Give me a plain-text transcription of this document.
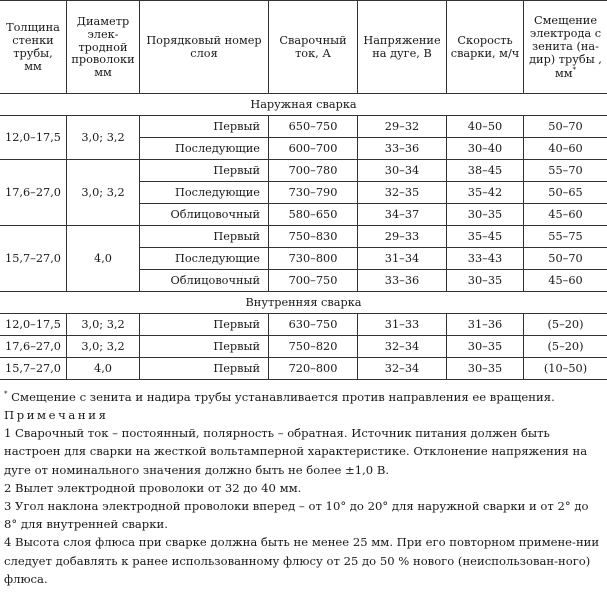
Толщина стенки трубы, мм	Диаметр элек-тродной проволоки мм	Порядковый номер слоя	Сварочный ток, А	Напряжение на дуге, В	Скорость сварки, м/ч	Смещение электрода с зенита (на-дир) трубы , мм*
Наружная сварка						
12,0–17,5	3,0; 3,2	Первый	650–750	29–32	40–50	50–70
		Последующие	600–700	33–36	30–40	40–60
17,6–27,0	3,0; 3,2	Первый	700–780	30–34	38–45	55–70
		Последующие	730–790	32–35	35–42	50–65
		Облицовочный	580–650	34–37	30–35	45–60
15,7–27,0	4,0	Первый	750–830	29–33	35–45	55–75
		Последующие	730–800	31–34	33–43	50–70
		Облицовочный	700–750	33–36	30–35	45–60
Внутренняя сварка						
12,0–17,5	3,0; 3,2	Первый	630–750	31–33	31–36	(5–20)
17,6–27,0	3,0; 3,2	Первый	750–820	32–34	30–35	(5–20)
15,7–27,0	4,0	Первый	720–800	32–34	30–35	(10–50)

* Смещение с зенита и надира трубы устанавливается против направления ее вращения.

Примечания

1 Сварочный ток – постоянный, полярность – обратная. Источник питания должен быть настроен для сварки на жесткой вольтамперной характеристике. Отклонение напряжения на дуге от номинального значения должно быть не более ±1,0 В.

2 Вылет электродной проволоки от 32 до 40 мм.

3 Угол наклона электродной проволоки вперед – от 10° до 20° для наружной сварки и от 2° до 8° для внутренней сварки.

4 Высота слоя флюса при сварке должна быть не менее 25 мм. При его повторном примене-нии следует добавлять к ранее использованному флюсу от 25 до 50 % нового (неиспользован-ного) флюса.
